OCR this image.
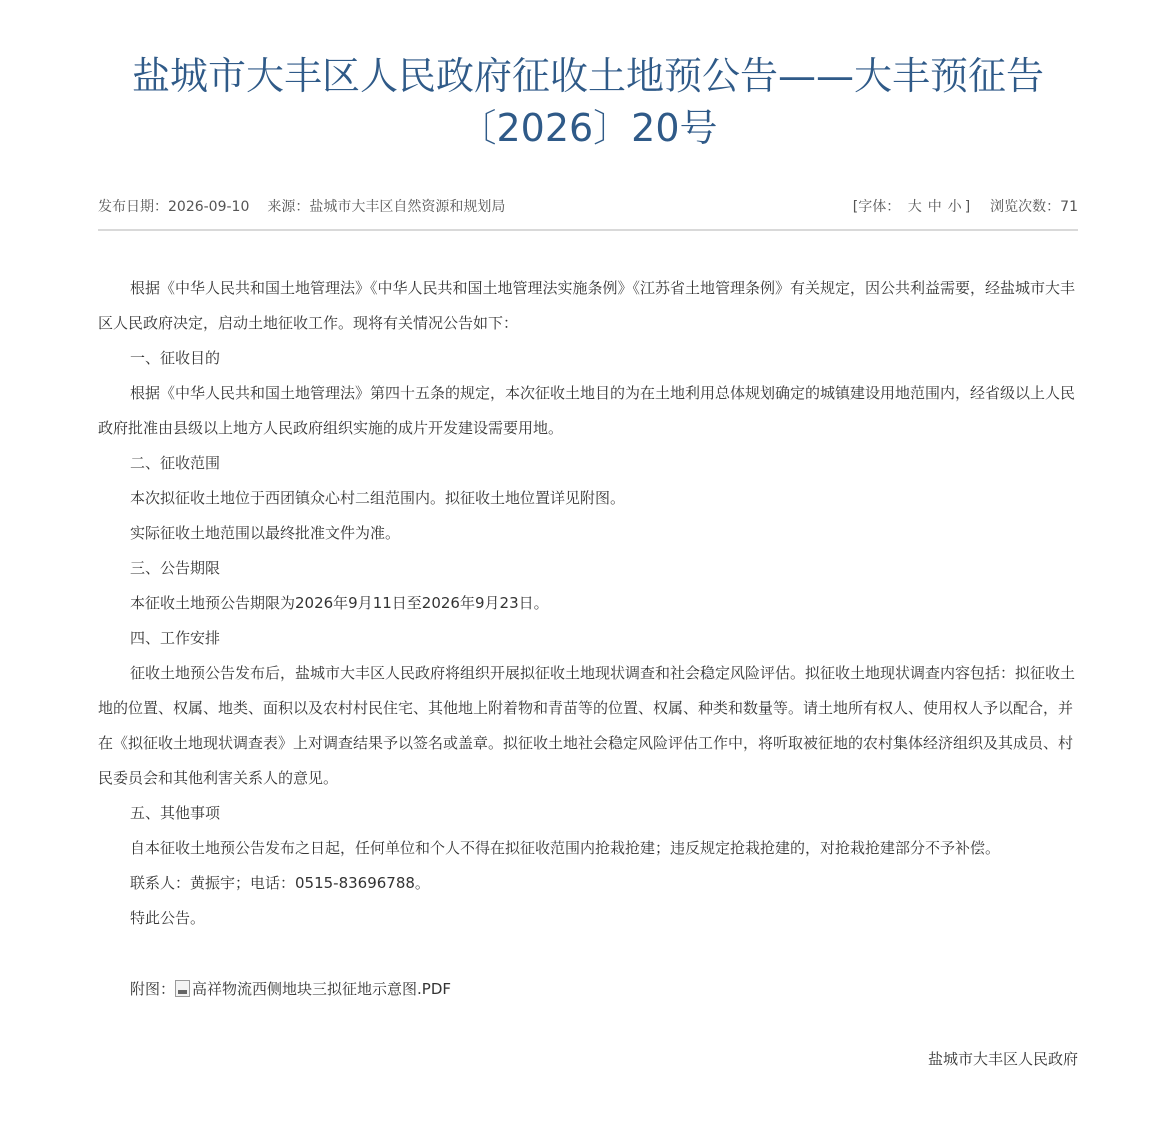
盐城市大丰区人民政府征收土地预公告——大丰预征告
〔2026〕20号
发布日期：2026-09-10 来源：盐城市大丰区自然资源和规划局	[字体： 大 中 小 ] 浏览次数：71

根据《中华人民共和国土地管理法》《中华人民共和国土地管理法实施条例》《江苏省土地管理条例》有关规定，因公共利益需要，经盐城市大丰区人民政府决定，启动土地征收工作。现将有关情况公告如下：

一、征收目的

根据《中华人民共和国土地管理法》第四十五条的规定，本次征收土地目的为在土地利用总体规划确定的城镇建设用地范围内，经省级以上人民政府批准由县级以上地方人民政府组织实施的成片开发建设需要用地。

二、征收范围

本次拟征收土地位于西团镇众心村二组范围内。拟征收土地位置详见附图。

实际征收土地范围以最终批准文件为准。

三、公告期限

本征收土地预公告期限为2026年9月11日至2026年9月23日。

四、工作安排

征收土地预公告发布后，盐城市大丰区人民政府将组织开展拟征收土地现状调查和社会稳定风险评估。拟征收土地现状调查内容包括：拟征收土地的位置、权属、地类、面积以及农村村民住宅、其他地上附着物和青苗等的位置、权属、种类和数量等。请土地所有权人、使用权人予以配合，并在《拟征收土地现状调查表》上对调查结果予以签名或盖章。拟征收土地社会稳定风险评估工作中，将听取被征地的农村集体经济组织及其成员、村民委员会和其他利害关系人的意见。

五、其他事项

自本征收土地预公告发布之日起，任何单位和个人不得在拟征收范围内抢栽抢建；违反规定抢栽抢建的，对抢栽抢建部分不予补偿。

联系人：黄振宇；电话：0515-83696788。

特此公告。

附图： 高祥物流西侧地块三拟征地示意图.PDF
盐城市大丰区人民政府
